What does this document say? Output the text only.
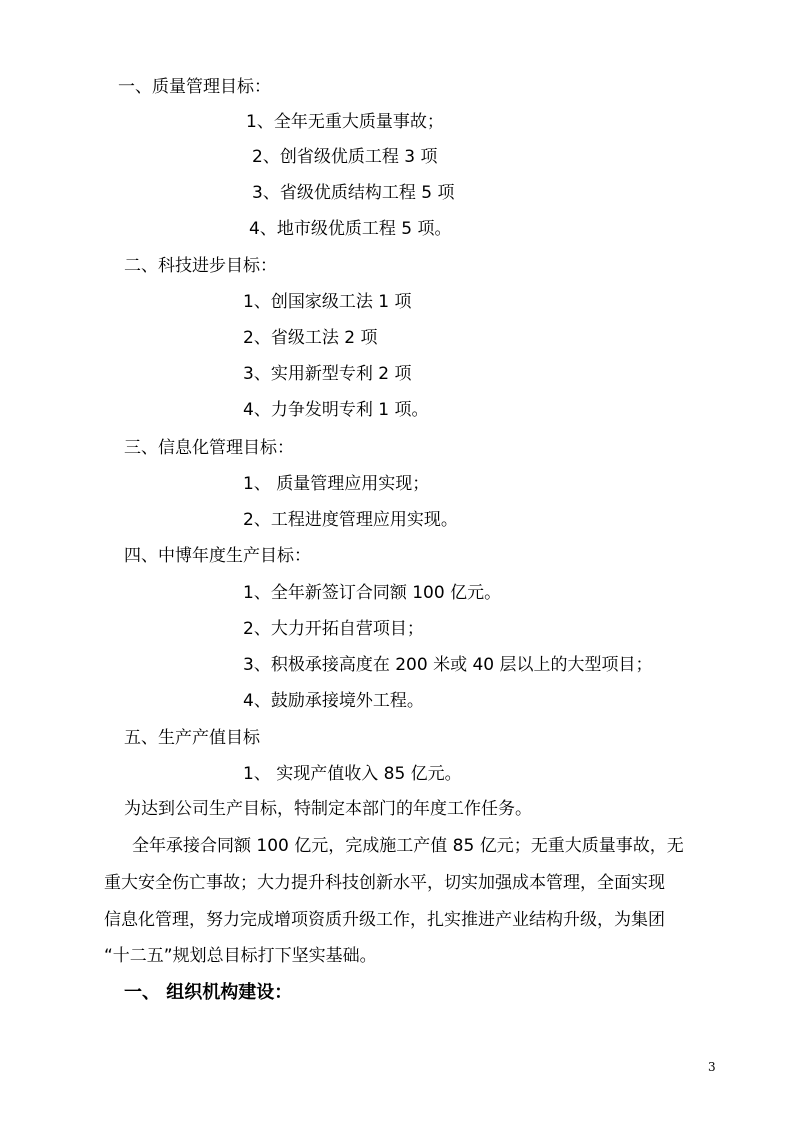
一、质量管理目标：
1、全年无重大质量事故；
2、创省级优质工程 3 项
3、省级优质结构工程 5 项
4、地市级优质工程 5 项。
二、科技进步目标：
1、创国家级工法 1 项
2、省级工法 2 项
3、实用新型专利 2 项
4、力争发明专利 1 项。
三、信息化管理目标：
1、 质量管理应用实现；
2、工程进度管理应用实现。
四、中博年度生产目标：
1、全年新签订合同额 100 亿元。
2、大力开拓自营项目；
3、积极承接高度在 200 米或 40 层以上的大型项目；
4、鼓励承接境外工程。
五、生产产值目标
1、 实现产值收入 85 亿元。
为达到公司生产目标，特制定本部门的年度工作任务。
全年承接合同额 100 亿元，完成施工产值 85 亿元；无重大质量事故，无
重大安全伤亡事故；大力提升科技创新水平，切实加强成本管理，全面实现
信息化管理，努力完成增项资质升级工作，扎实推进产业结构升级，为集团
“十二五”规划总目标打下坚实基础。
一、 组织机构建设：
3
